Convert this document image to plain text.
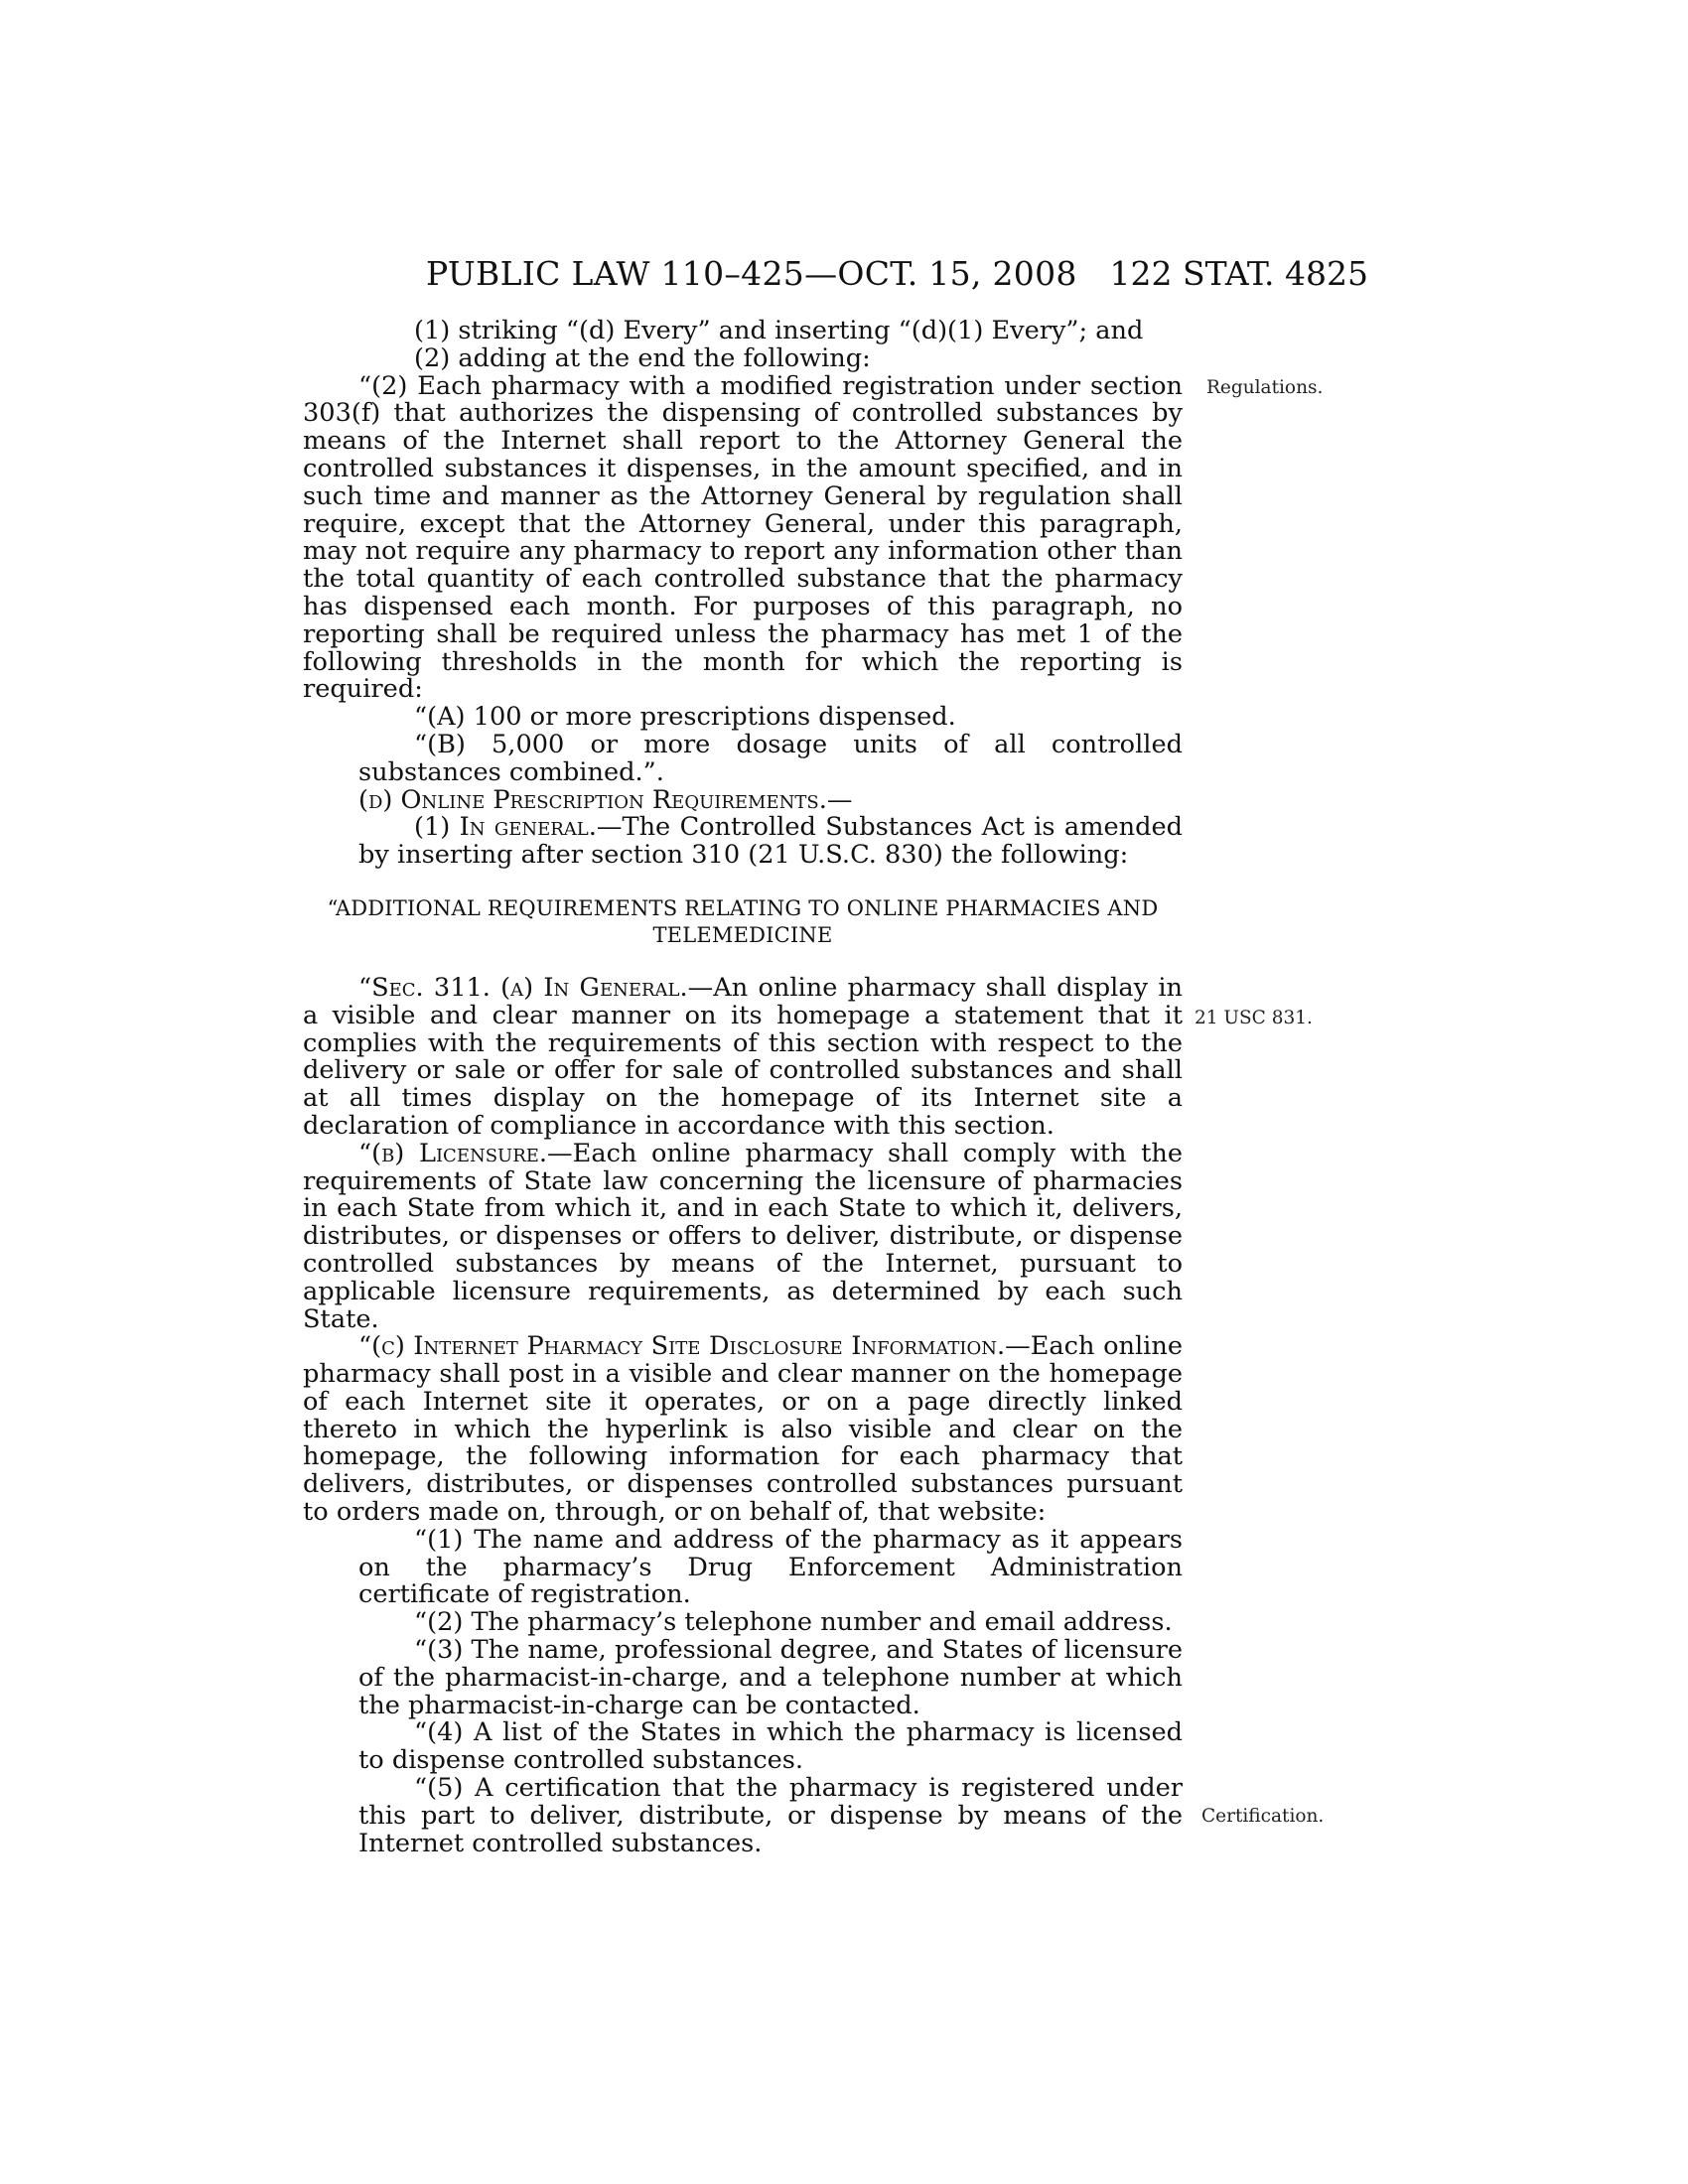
PUBLIC LAW 110–425—OCT. 15, 2008 122 STAT. 4825

(1) striking “(d) Every” and inserting “(d)(1) Every”; and

(2) adding at the end the following:

“(2) Each pharmacy with a modified registration under section 303(f) that authorizes the dispensing of controlled substances by means of the Internet shall report to the Attorney General the controlled substances it dispenses, in the amount specified, and in such time and manner as the Attorney General by regulation shall require, except that the Attorney General, under this paragraph, may not require any pharmacy to report any information other than the total quantity of each controlled substance that the pharmacy has dispensed each month. For purposes of this paragraph, no reporting shall be required unless the pharmacy has met 1 of the following thresholds in the month for which the reporting is required:

“(A) 100 or more prescriptions dispensed.

“(B) 5,000 or more dosage units of all controlled substances combined.”.

(d) Online Prescription Requirements.—

(1) In general.—The Controlled Substances Act is amended by inserting after section 310 (21 U.S.C. 830) the following:

“ADDITIONAL REQUIREMENTS RELATING TO ONLINE PHARMACIES AND TELEMEDICINE

“Sec. 311. (a) In General.—An online pharmacy shall display in a visible and clear manner on its homepage a statement that it complies with the requirements of this section with respect to the delivery or sale or offer for sale of controlled substances and shall at all times display on the homepage of its Internet site a declaration of compliance in accordance with this section.

“(b) Licensure.—Each online pharmacy shall comply with the requirements of State law concerning the licensure of pharmacies in each State from which it, and in each State to which it, delivers, distributes, or dispenses or offers to deliver, distribute, or dispense controlled substances by means of the Internet, pursuant to applicable licensure requirements, as determined by each such State.

“(c) Internet Pharmacy Site Disclosure Information.—Each online pharmacy shall post in a visible and clear manner on the homepage of each Internet site it operates, or on a page directly linked thereto in which the hyperlink is also visible and clear on the homepage, the following information for each pharmacy that delivers, distributes, or dispenses controlled substances pursuant to orders made on, through, or on behalf of, that website:

“(1) The name and address of the pharmacy as it appears on the pharmacy’s Drug Enforcement Administration certificate of registration.

“(2) The pharmacy’s telephone number and email address.

“(3) The name, professional degree, and States of licensure of the pharmacist-in-charge, and a telephone number at which the pharmacist-in-charge can be contacted.

“(4) A list of the States in which the pharmacy is licensed to dispense controlled substances.

“(5) A certification that the pharmacy is registered under this part to deliver, distribute, or dispense by means of the Internet controlled substances.

Regulations.
21 USC 831.
Certification.
